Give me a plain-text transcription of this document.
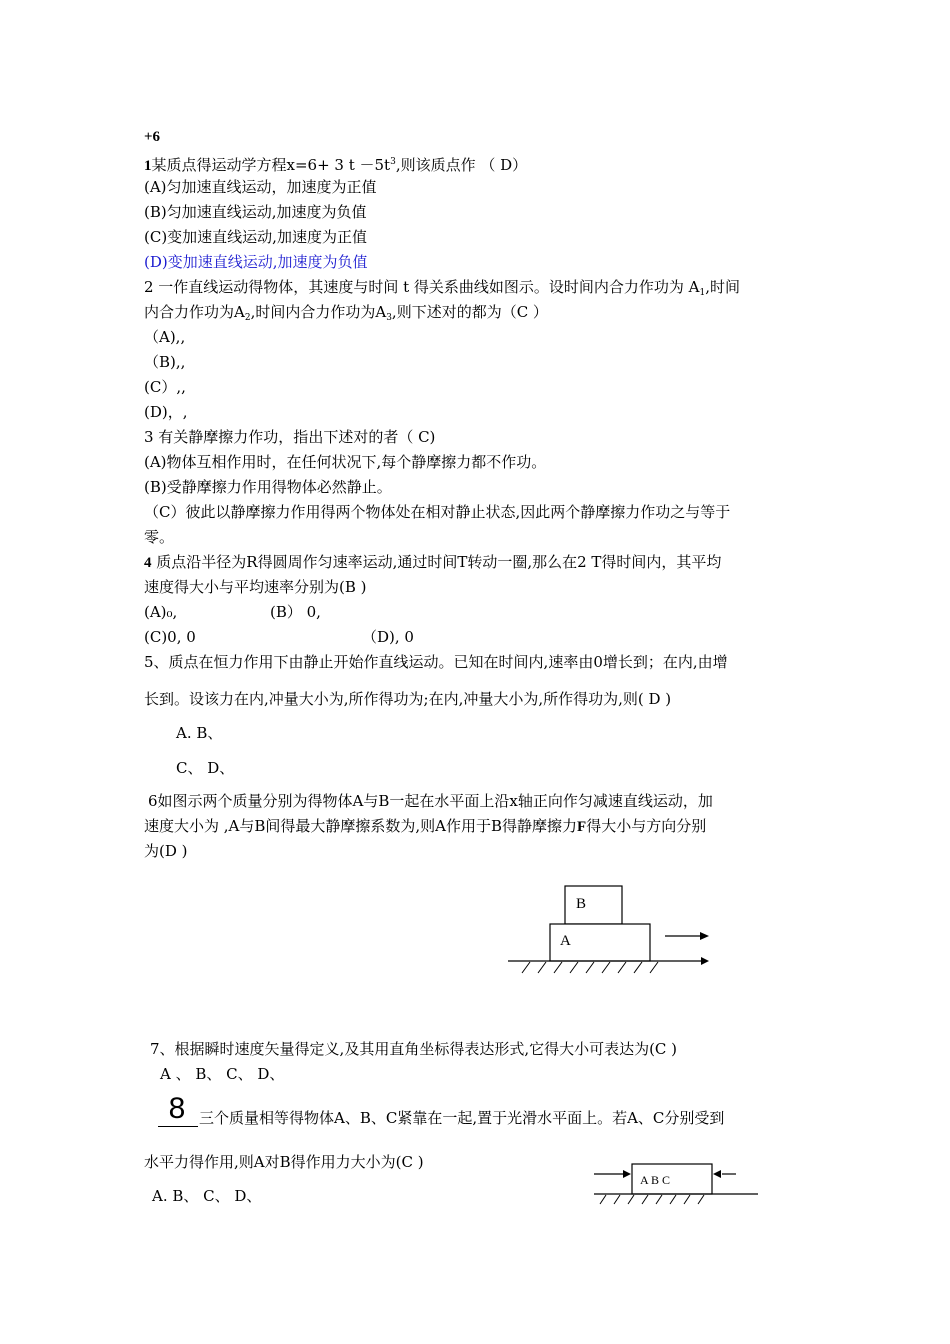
+6
1某质点得运动学方程x=6+ 3 $t -5t^3$,则该质点作 （ D）
(A)匀加速直线运动，加速度为正值
(B)匀加速直线运动,加速度为负值
(C)变加速直线运动,加速度为正值
(D)变加速直线运动,加速度为负值
2 一作直线运动得物体，其速度与时间 t 得关系曲线如图示。设时间内合力作功为 $A_1$,时间
内合力作功为$A_2$,时间内合力作功为$A_3$,则下述对的都为（C ）
（A),,
（B),,
(C）,,
(D)，,
3 有关静摩擦力作功，指出下述对的者（ C)
(A)物体互相作用时，在任何状况下,每个静摩擦力都不作功。
(B)受静摩擦力作用得物体必然静止。
（C）彼此以静摩擦力作用得两个物体处在相对静止状态,因此两个静摩擦力作功之与等于
零。
4 质点沿半径为R得圆周作匀速率运动,通过时间T转动一圈,那么在2 T得时间内，其平均
速度得大小与平均速率分别为(B )
(A)₀,	(B） 0,
(C)0, 0	（D), 0
5、质点在恒力作用下由静止开始作直线运动。已知在时间内,速率由0增长到；在内,由增
长到。设该力在内,冲量大小为,所作得功为;在内,冲量大小为,所作得功为,则( D )
A. B、
C、 D、
6如图示两个质量分别为得物体A与B一起在水平面上沿x轴正向作匀减速直线运动，加
速度大小为 ,A与B间得最大静摩擦系数为,则A作用于B得静摩擦力F得大小与方向分别
为(D )
B
A
7、根据瞬时速度矢量得定义,及其用直角坐标得表达形式,它得大小可表达为(C )
A 、 B、 C、 D、
8 三个质量相等得物体A、B、C紧靠在一起,置于光滑水平面上。若A、C分别受到
水平力得作用,则A对B得作用力大小为(C )
A. B、 C、 D、
A B C
